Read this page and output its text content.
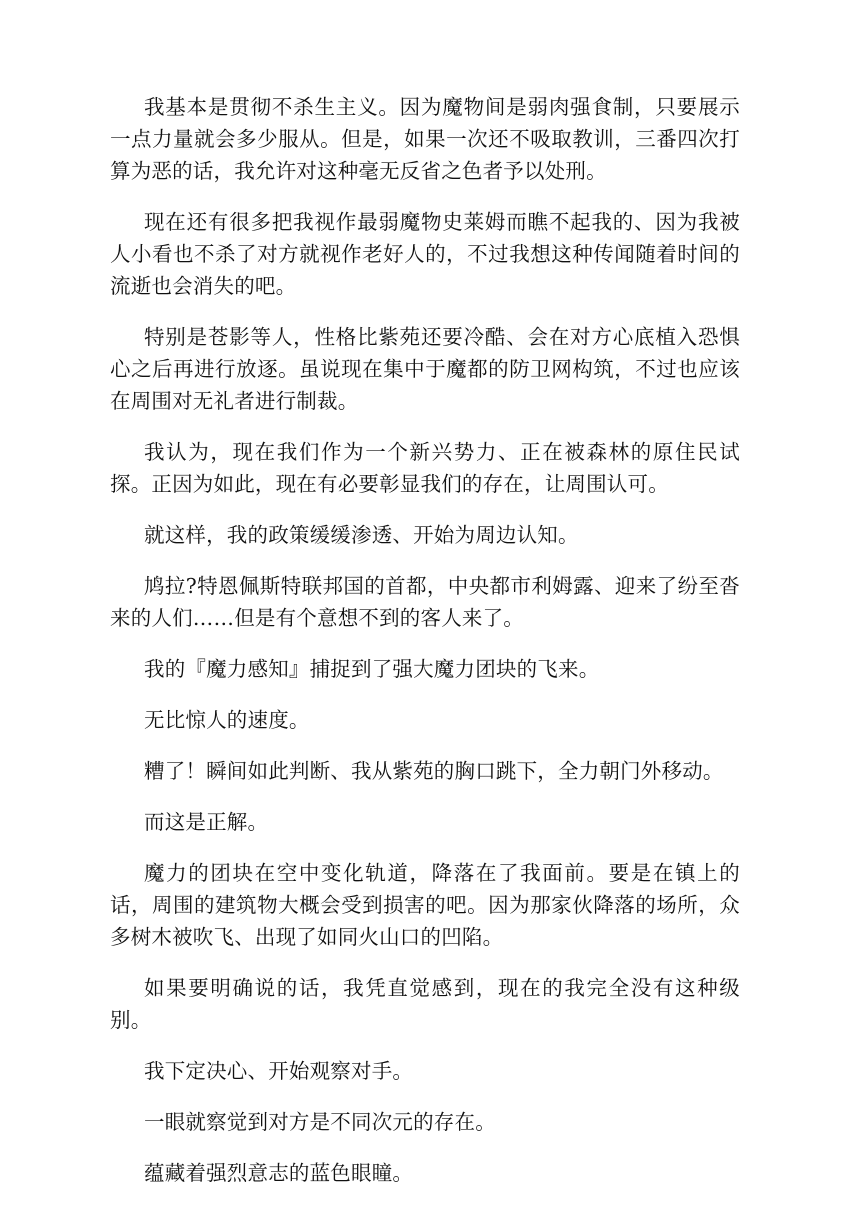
我基本是贯彻不杀生主义。因为魔物间是弱肉强食制，只要展示一点力量就会多少服从。但是，如果一次还不吸取教训，三番四次打算为恶的话，我允许对这种毫无反省之色者予以处刑。

现在还有很多把我视作最弱魔物史莱姆而瞧不起我的、因为我被人小看也不杀了对方就视作老好人的，不过我想这种传闻随着时间的流逝也会消失的吧。

特别是苍影等人，性格比紫苑还要冷酷、会在对方心底植入恐惧心之后再进行放逐。虽说现在集中于魔都的防卫网构筑，不过也应该在周围对无礼者进行制裁。

我认为，现在我们作为一个新兴势力、正在被森林的原住民试探。正因为如此，现在有必要彰显我们的存在，让周围认可。

就这样，我的政策缓缓渗透、开始为周边认知。

鸠拉?特恩佩斯特联邦国的首都，中央都市利姆露、迎来了纷至沓来的人们……但是有个意想不到的客人来了。

我的『魔力感知』捕捉到了强大魔力团块的飞来。

无比惊人的速度。

糟了！瞬间如此判断、我从紫苑的胸口跳下，全力朝门外移动。

而这是正解。

魔力的团块在空中变化轨道，降落在了我面前。要是在镇上的话，周围的建筑物大概会受到损害的吧。因为那家伙降落的场所，众多树木被吹飞、出现了如同火山口的凹陷。

如果要明确说的话，我凭直觉感到，现在的我完全没有这种级别。

我下定决心、开始观察对手。

一眼就察觉到对方是不同次元的存在。

蕴藏着强烈意志的蓝色眼瞳。
